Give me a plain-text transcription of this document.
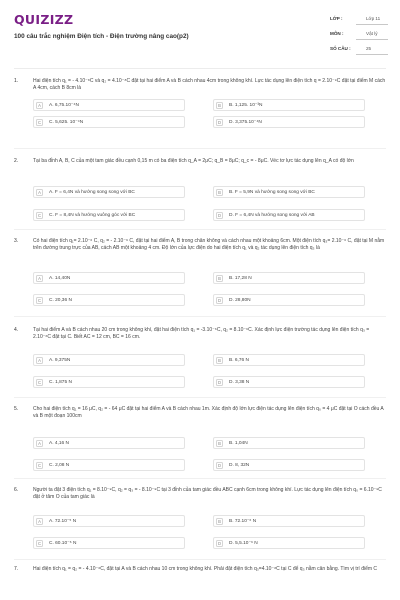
QUIZIZZ
100 câu trắc nghiệm Điện tích - Điện trường nâng cao(p2)
LỚP :	Lớp 11
MÔN :	Vật lý
SỐ CÂU :	25
1.	Hai điện tích q₁ = - 4.10⁻⁸C và q₂ = 4.10⁻⁸C đặt tại hai điểm A và B cách nhau 4cm trong không khí. Lực tác dụng lên điện tích q = 2.10⁻⁹C đặt tại điểm M cách A 4cm, cách B 8cm là
A	A. 6,75.10⁻⁴N	B	B. 1,125. 10⁻³N
C	C. 5,625. 10⁻⁴N	D	D. 3,375.10⁻⁴N
2.	Tại ba đỉnh A, B, C của một tam giác đều cạnh 0,15 m có ba điện tích q_A = 2μC; q_B = 8μC; q_c = - 8μC. Véc tơ lực tác dụng lên q_A có độ lớn
A	A. F = 6,4N và hướng song song với BC	B	B. F = 5,9N và hướng song song với BC
C	C. F = 8,4N và hướng vuông góc với BC	D	D. F = 6,4N và hướng song song với AB
3.	Có hai điện tích q₁= 2.10⁻⁶ C, q₂ = - 2.10⁻⁶ C, đặt tại hai điểm A, B trong chân không và cách nhau một khoảng 6cm. Một điện tích q₃= 2.10⁻⁶ C, đặt tại M nằm trên đường trung trực của AB, cách AB một khoảng 4 cm. Độ lớn của lực điện do hai điện tích q₁ và q₂ tác dụng lên điện tích q₃ là
A	A. 14,40N	B	B. 17,28 N
C	C. 20,36 N	D	D. 28,80N
4.	Tại hai điểm A và B cách nhau 20 cm trong không khí, đặt hai điện tích q₁ = -3.10⁻⁶C, q₂ = 8.10⁻⁶C. Xác định lực điện trường tác dụng lên điện tích q₃ = 2.10⁻⁶C đặt tại C. Biết AC = 12 cm, BC = 16 cm.
A	A. 9,375N	B	B. 6,76 N
C	C. 1,875 N	D	D. 3,38 N
5.	Cho hai điện tích q₁ = 16 μC, q₂ = - 64 μC đặt tại hai điểm A và B cách nhau 1m. Xác định độ lớn lực điện tác dụng lên điện tích q₀ = 4 μC đặt tại O cách đều A và B một đoạn 100cm
A	A. 4,16 N	B	B. 1,04N
C	C. 2,08 N	D	D. 8, 32N
6.	Người ta đặt 3 điện tích q₁ = 8.10⁻⁹C, q₂ = q₃ = - 8.10⁻⁹C tại 3 đỉnh của tam giác đều ABC cạnh 6cm trong không khí. Lực tác dụng lên điện tích q₀ = 6.10⁻⁹C đặt ở tâm O của tam giác là
A	A. 72.10⁻⁵ N	B	B. 72.10⁻⁶ N
C	C. 60.10⁻⁶ N	D	D. 5,5.10⁻⁶ N
7.	Hai điện tích q₁ = q₂ = - 4.10⁻⁶C, đặt tại A và B cách nhau 10 cm trong không khí. Phải đặt điện tích q₃=4.10⁻⁸C tại C để q₃ nằm cân bằng. Tìm vị trí điểm C
